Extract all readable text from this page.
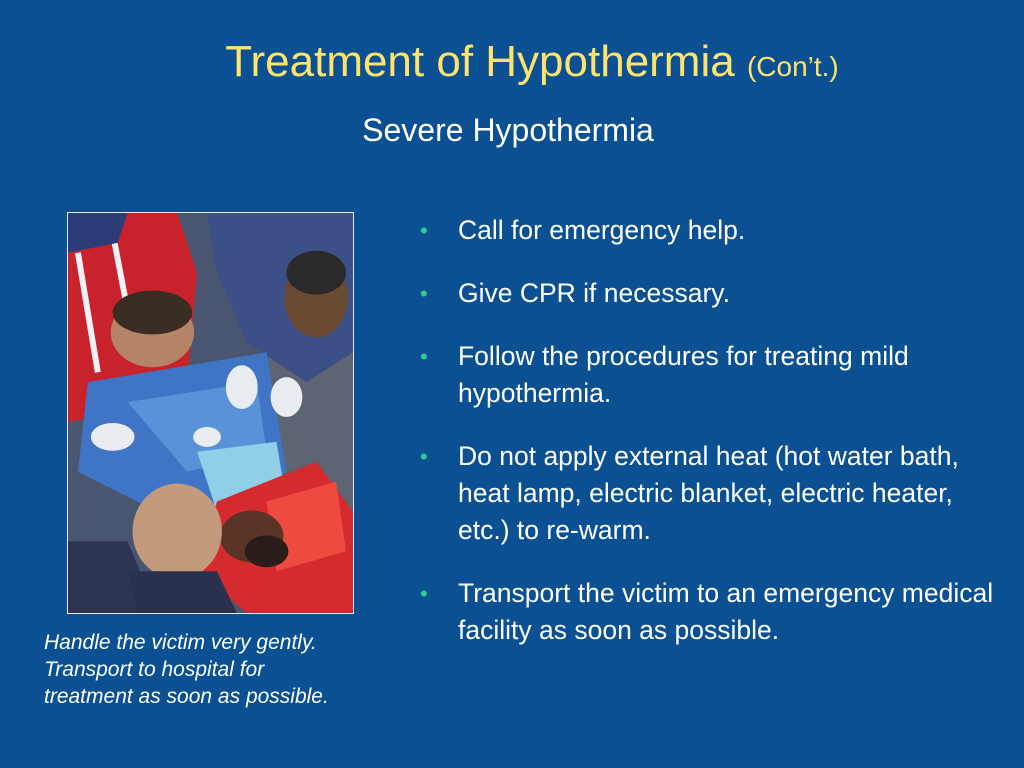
Treatment of Hypothermia (Con’t.)
Severe Hypothermia
Handle the victim very gently.
Transport to hospital for
treatment as soon as possible.
• Call for emergency help.
• Give CPR if necessary.
• Follow the procedures for treating mild hypothermia.
• Do not apply external heat (hot water bath, heat lamp, electric blanket, electric heater, etc.) to re-warm.
• Transport the victim to an emergency medical facility as soon as possible.
